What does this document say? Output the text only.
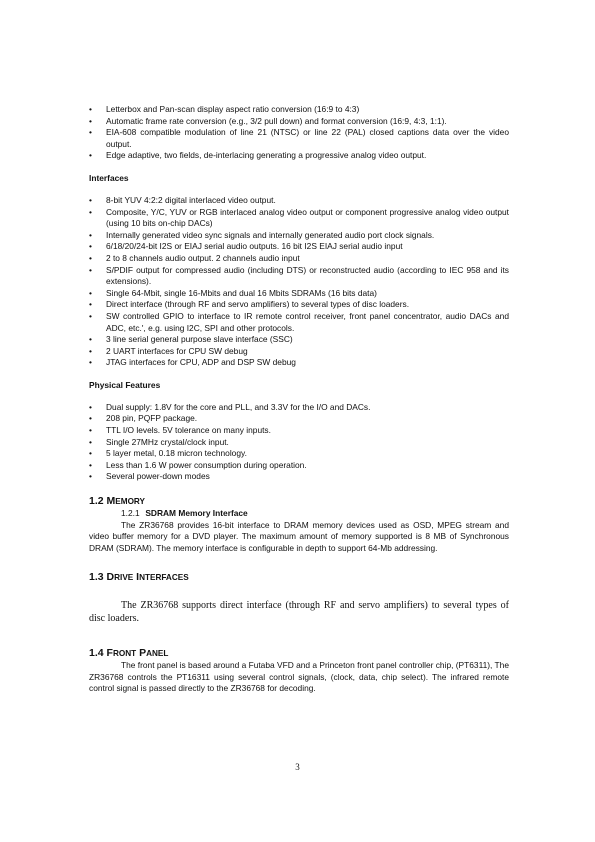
• Letterbox and Pan-scan display aspect ratio conversion (16:9 to 4:3)
• Automatic frame rate conversion (e.g., 3/2 pull down) and format conversion (16:9, 4:3, 1:1).
• EIA-608 compatible modulation of line 21 (NTSC) or line 22 (PAL) closed captions data over the video output.
• Edge adaptive, two fields, de-interlacing generating a progressive analog video output.
Interfaces
• 8-bit YUV 4:2:2 digital interlaced video output.
• Composite, Y/C, YUV or RGB interlaced analog video output or component progressive analog video output (using 10 bits on-chip DACs)
• Internally generated video sync signals and internally generated audio port clock signals.
• 6/18/20/24-bit I2S or EIAJ serial audio outputs. 16 bit I2S EIAJ serial audio input
• 2 to 8 channels audio output. 2 channels audio input
• S/PDIF output for compressed audio (including DTS) or reconstructed audio (according to IEC 958 and its extensions).
• Single 64-Mbit, single 16-Mbits and dual 16 Mbits SDRAMs (16 bits data)
• Direct interface (through RF and servo amplifiers) to several types of disc loaders.
• SW controlled GPIO to interface to IR remote control receiver, front panel concentrator, audio DACs and ADC, etc.', e.g. using I2C, SPI and other protocols.
• 3 line serial general purpose slave interface (SSC)
• 2 UART interfaces for CPU SW debug
• JTAG interfaces for CPU, ADP and DSP SW debug
Physical Features
• Dual supply: 1.8V for the core and PLL, and 3.3V for the I/O and DACs.
• 208 pin, PQFP package.
• TTL I/O levels. 5V tolerance on many inputs.
• Single 27MHz crystal/clock input.
• 5 layer metal, 0.18 micron technology.
• Less than 1.6 W power consumption during operation.
• Several power-down modes
1.2 MEMORY
1.2.1 SDRAM Memory Interface
The ZR36768 provides 16-bit interface to DRAM memory devices used as OSD, MPEG stream and video buffer memory for a DVD player. The maximum amount of memory supported is 8 MB of Synchronous DRAM (SDRAM). The memory interface is configurable in depth to support 64-Mb addressing.
1.3 DRIVE INTERFACES
The ZR36768 supports direct interface (through RF and servo amplifiers) to several types of disc loaders.
1.4 FRONT PANEL
The front panel is based around a Futaba VFD and a Princeton front panel controller chip, (PT6311), The ZR36768 controls the PT16311 using several control signals, (clock, data, chip select). The infrared remote control signal is passed directly to the ZR36768 for decoding.
3
